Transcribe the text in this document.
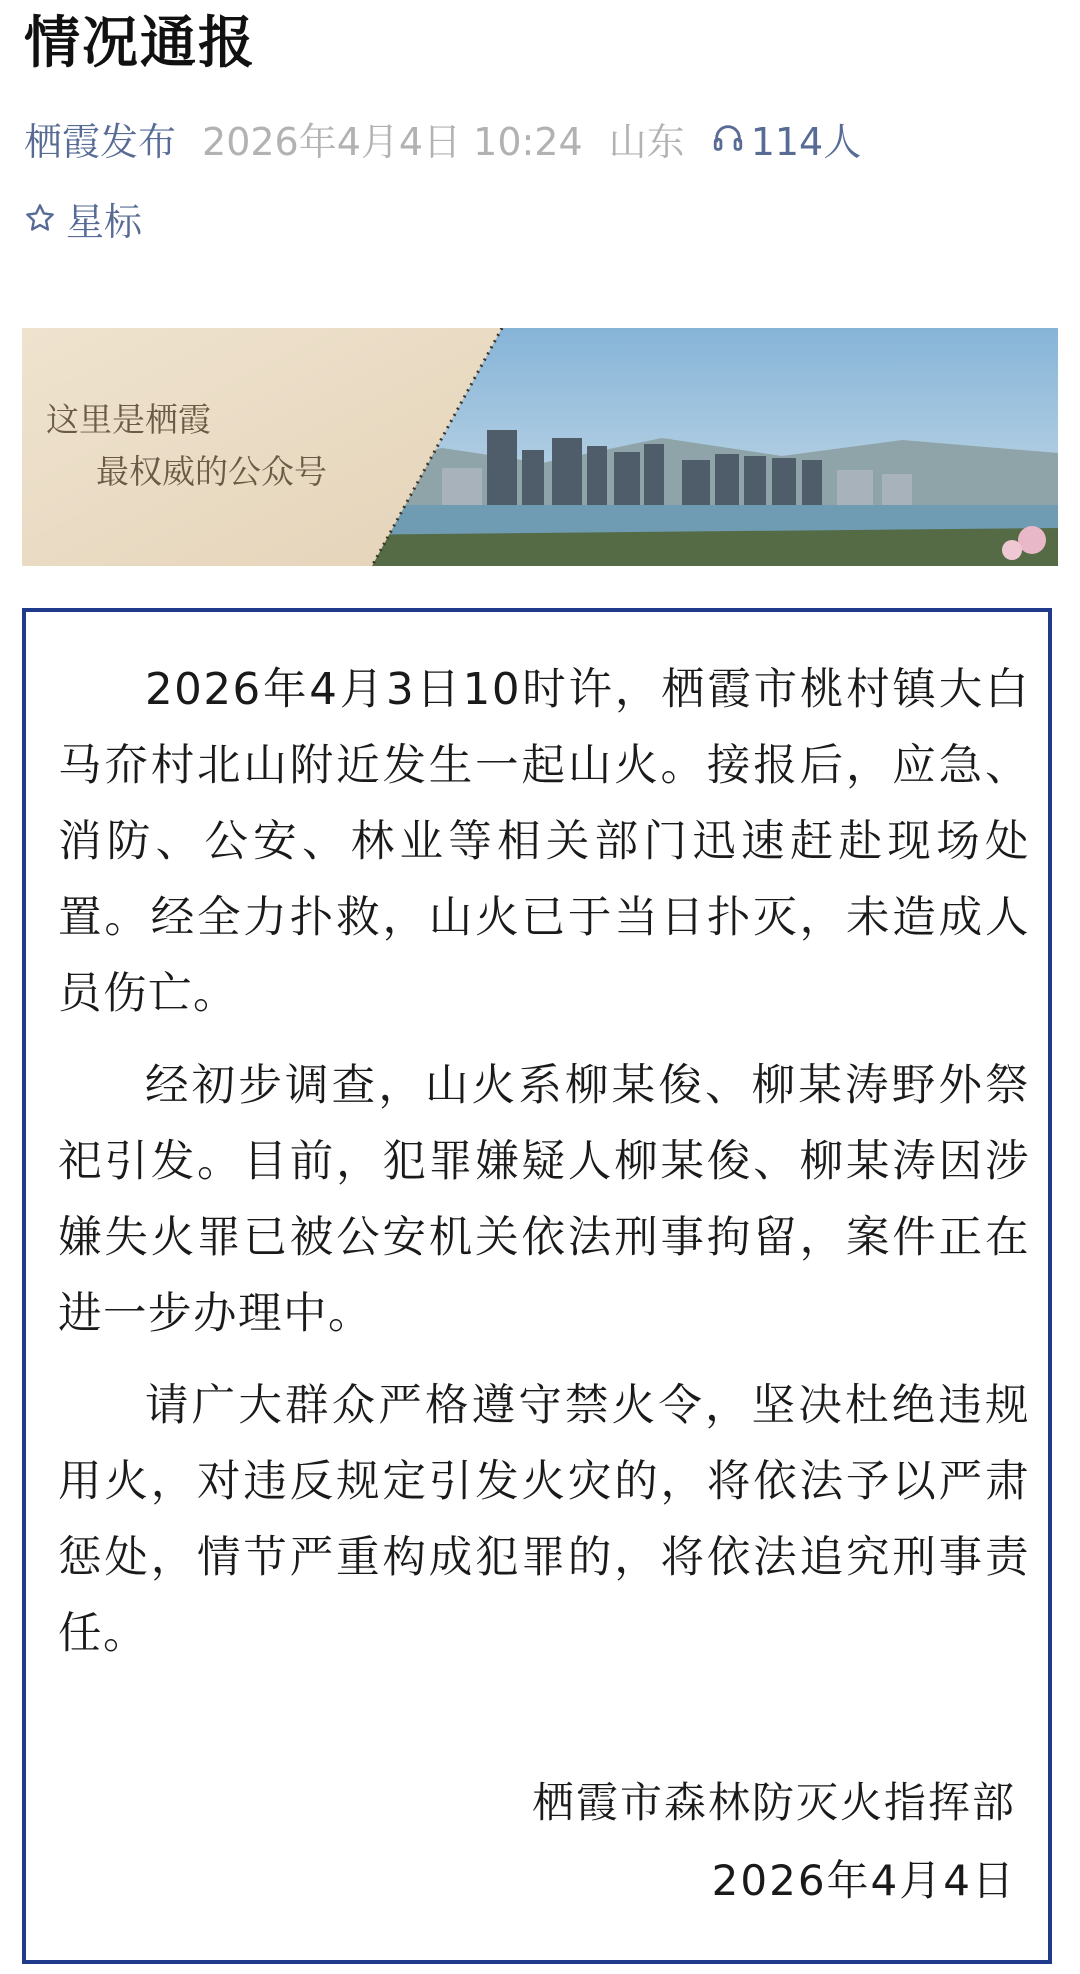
情况通报
栖霞发布 2026年4月4日 10:24 山东 114人
星标
这里是栖霞
最权威的公众号

2026年4月3日10时许，栖霞市桃村镇大白马夼村北山附近发生一起山火。接报后，应急、消防、公安、林业等相关部门迅速赶赴现场处置。经全力扑救，山火已于当日扑灭，未造成人员伤亡。

经初步调查，山火系柳某俊、柳某涛野外祭祀引发。目前，犯罪嫌疑人柳某俊、柳某涛因涉嫌失火罪已被公安机关依法刑事拘留，案件正在进一步办理中。

请广大群众严格遵守禁火令，坚决杜绝违规用火，对违反规定引发火灾的，将依法予以严肃惩处，情节严重构成犯罪的，将依法追究刑事责任。

栖霞市森林防灭火指挥部
2026年4月4日
